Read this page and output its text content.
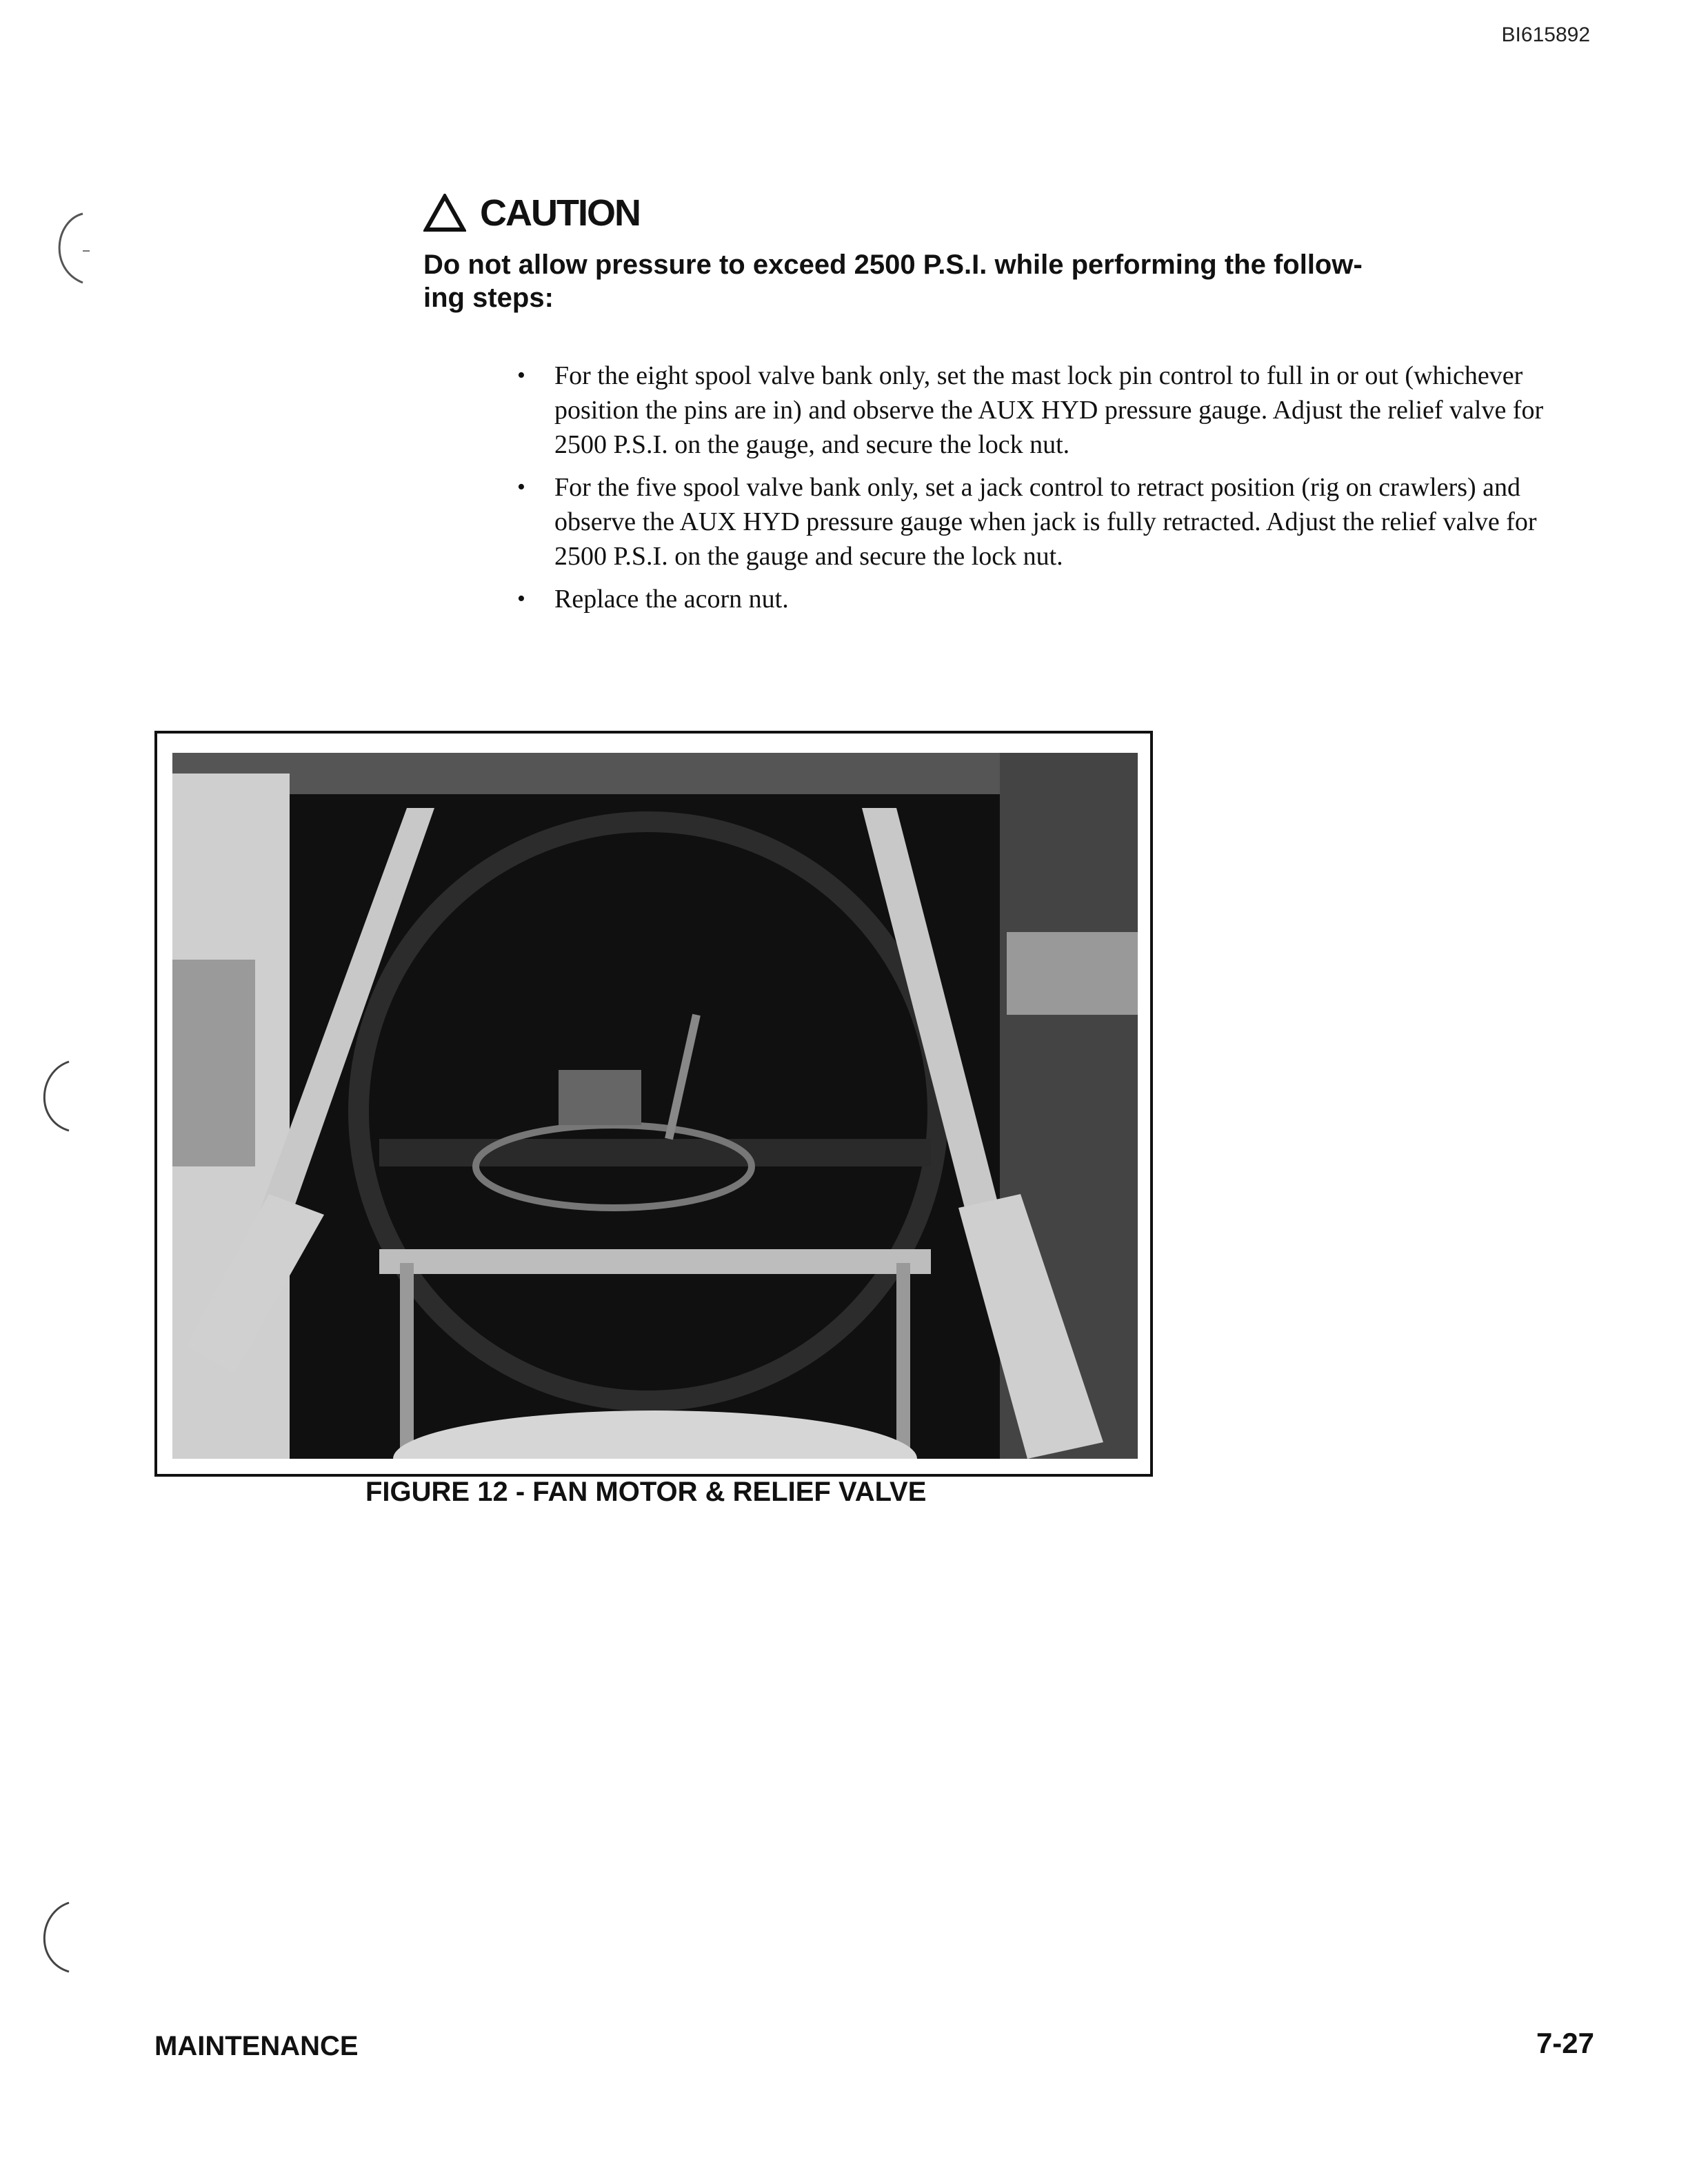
BI615892
CAUTION
Do not allow pressure to exceed 2500 P.S.I. while performing the follow-ing steps:
• For the eight spool valve bank only, set the mast lock pin control to full in or out (whichever position the pins are in) and observe the AUX HYD pressure gauge. Adjust the relief valve for 2500 P.S.I. on the gauge, and secure the lock nut.
• For the five spool valve bank only, set a jack control to retract position (rig on crawlers) and observe the AUX HYD pressure gauge when jack is fully retracted. Adjust the relief valve for 2500 P.S.I. on the gauge and secure the lock nut.
• Replace the acorn nut.
FIGURE 12 - FAN MOTOR & RELIEF VALVE
MAINTENANCE	7-27
